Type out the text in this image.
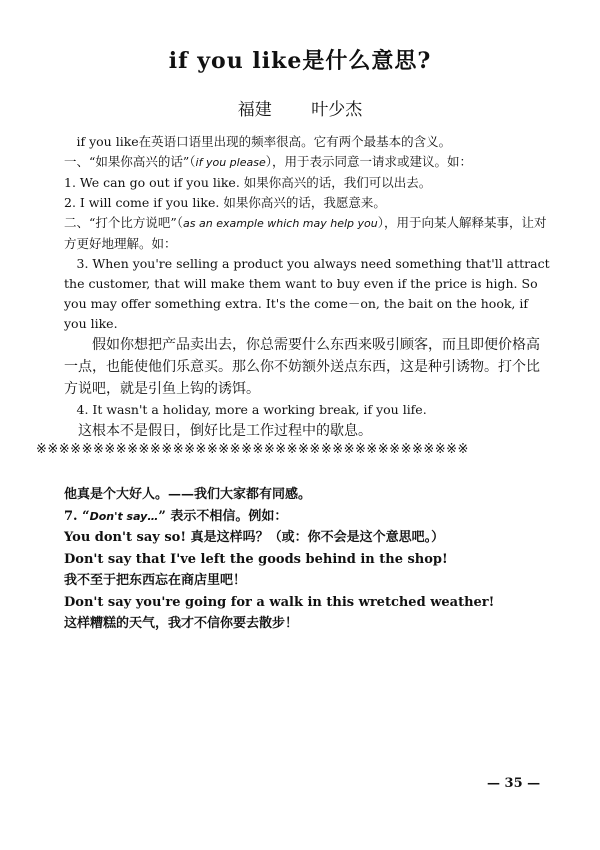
if you like是什么意思?
福建 叶少杰

if you like在英语口语里出现的频率很高。它有两个最基本的含义。

一、“如果你高兴的话”（if you please），用于表示同意一请求或建议。如：

1. We can go out if you like. 如果你高兴的话，我们可以出去。

2. I will come if you like. 如果你高兴的话，我愿意来。

二、“打个比方说吧”（as an example which may help you），用于向某人解释某事，让对方更好地理解。如：

3. When you're selling a product you always need something that'll attract the customer, that will make them want to buy even if the price is high. So you may offer something extra. It's the come－on, the bait on the hook, if you like.

假如你想把产品卖出去，你总需要什么东西来吸引顾客，而且即便价格高一点，也能使他们乐意买。那么你不妨额外送点东西，这是种引诱物。打个比方说吧，就是引鱼上钩的诱饵。

4. It wasn't a holiday, more a working break, if you life.

这根本不是假日，倒好比是工作过程中的歇息。

※※※※※※※※※※※※※※※※※※※※※※※※※※※※※※※※※※※※※※

他真是个大好人。——我们大家都有同感。

7. “Don't say…” 表示不相信。例如：

You don't say so! 真是这样吗？（或：你不会是这个意思吧。）

Don't say that I've left the goods behind in the shop!

我不至于把东西忘在商店里吧！

Don't say you're going for a walk in this wretched weather!

这样糟糕的天气，我才不信你要去散步！

— 35 —
